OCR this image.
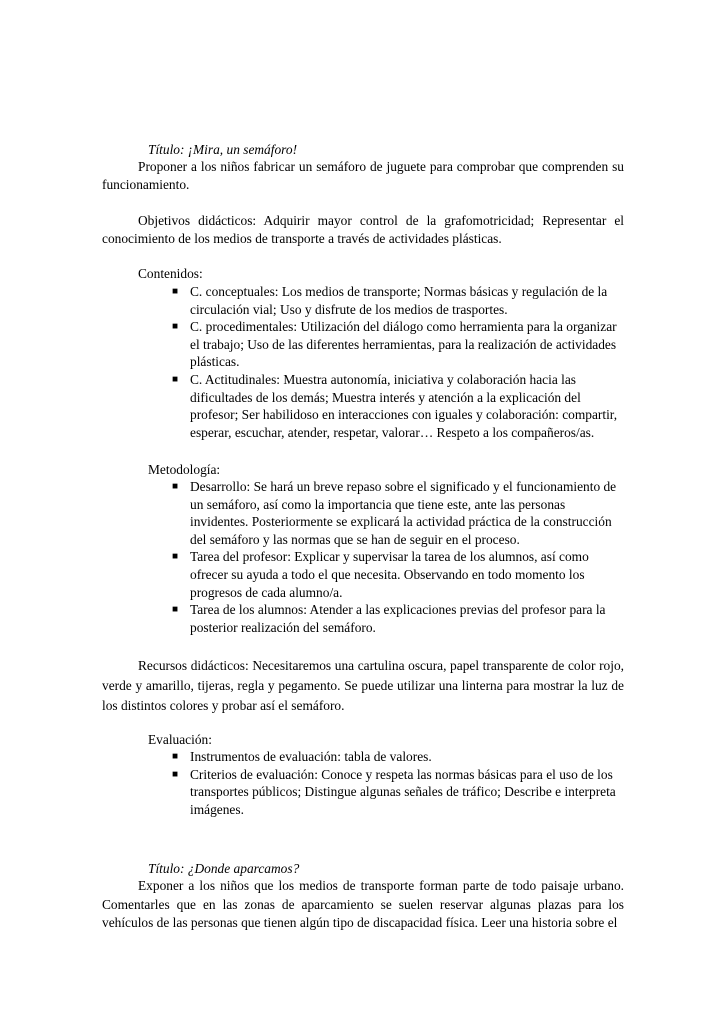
Título: ¡Mira, un semáforo!
Proponer a los niños fabricar un semáforo de juguete para comprobar que comprenden su funcionamiento.
Objetivos didácticos: Adquirir mayor control de la grafomotricidad; Representar el conocimiento de los medios de transporte a través de actividades plásticas.
Contenidos:
■ C. conceptuales: Los medios de transporte; Normas básicas y regulación de la circulación vial; Uso y disfrute de los medios de trasportes.
■ C. procedimentales: Utilización del diálogo como herramienta para la organizar el trabajo; Uso de las diferentes herramientas, para la realización de actividades plásticas.
■ C. Actitudinales: Muestra autonomía, iniciativa y colaboración hacia las dificultades de los demás; Muestra interés y atención a la explicación del profesor; Ser habilidoso en interacciones con iguales y colaboración: compartir, esperar, escuchar, atender, respetar, valorar… Respeto a los compañeros/as.
Metodología:
■ Desarrollo: Se hará un breve repaso sobre el significado y el funcionamiento de un semáforo, así como la importancia que tiene este, ante las personas invidentes. Posteriormente se explicará la actividad práctica de la construcción del semáforo y las normas que se han de seguir en el proceso.
■ Tarea del profesor: Explicar y supervisar la tarea de los alumnos, así como ofrecer su ayuda a todo el que necesita. Observando en todo momento los progresos de cada alumno/a.
■ Tarea de los alumnos: Atender a las explicaciones previas del profesor para la posterior realización del semáforo.
Recursos didácticos: Necesitaremos una cartulina oscura, papel transparente de color rojo, verde y amarillo, tijeras, regla y pegamento. Se puede utilizar una linterna para mostrar la luz de los distintos colores y probar así el semáforo.
Evaluación:
■ Instrumentos de evaluación: tabla de valores.
■ Criterios de evaluación: Conoce y respeta las normas básicas para el uso de los transportes públicos; Distingue algunas señales de tráfico; Describe e interpreta imágenes.
Título: ¿Donde aparcamos?
Exponer a los niños que los medios de transporte forman parte de todo paisaje urbano. Comentarles que en las zonas de aparcamiento se suelen reservar algunas plazas para los vehículos de las personas que tienen algún tipo de discapacidad física. Leer una historia sobre el
